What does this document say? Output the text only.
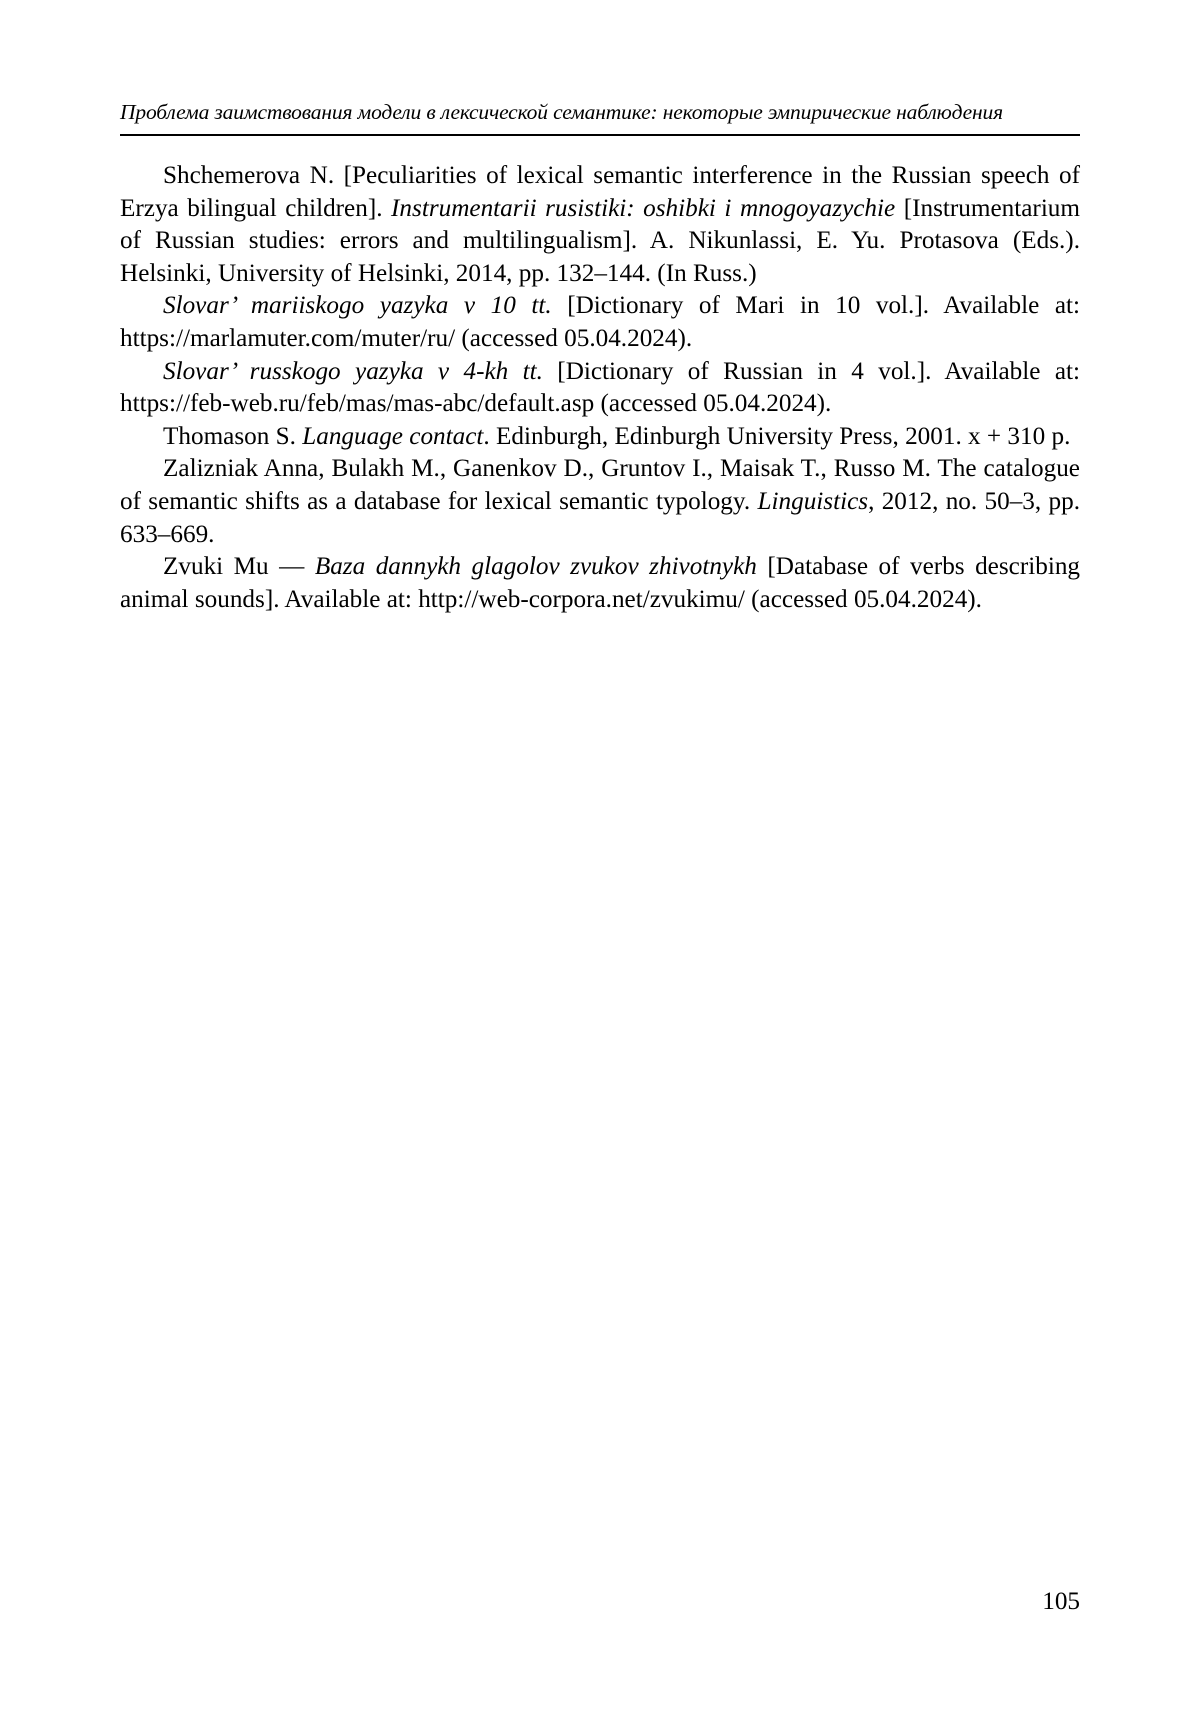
Проблема заимствования модели в лексической семантике: некоторые эмпирические наблюдения

Shchemerova N. [Peculiarities of lexical semantic interference in the Russian speech of Erzya bilingual children]. Instrumentarii rusistiki: oshibki i mnogoyazychie [Instrumentarium of Russian studies: errors and multilingualism]. A. Nikunlassi, E. Yu. Protasova (Eds.). Helsinki, University of Helsinki, 2014, pp. 132–144. (In Russ.)

Slovar’ mariiskogo yazyka v 10 tt. [Dictionary of Mari in 10 vol.]. Available at: https://marlamuter.com/muter/ru/ (accessed 05.04.2024).

Slovar’ russkogo yazyka v 4-kh tt. [Dictionary of Russian in 4 vol.]. Available at: https://feb-web.ru/feb/mas/mas-abc/default.asp (accessed 05.04.2024).

Thomason S. Language contact. Edinburgh, Edinburgh University Press, 2001. x + 310 p.

Zalizniak Anna, Bulakh M., Ganenkov D., Gruntov I., Maisak T., Russo M. The catalogue of semantic shifts as a database for lexical semantic typology. Linguistics, 2012, no. 50–3, pp. 633–669.

Zvuki Mu — Baza dannykh glagolov zvukov zhivotnykh [Database of verbs describing animal sounds]. Available at: http://web-corpora.net/zvukimu/ (accessed 05.04.2024).

105
